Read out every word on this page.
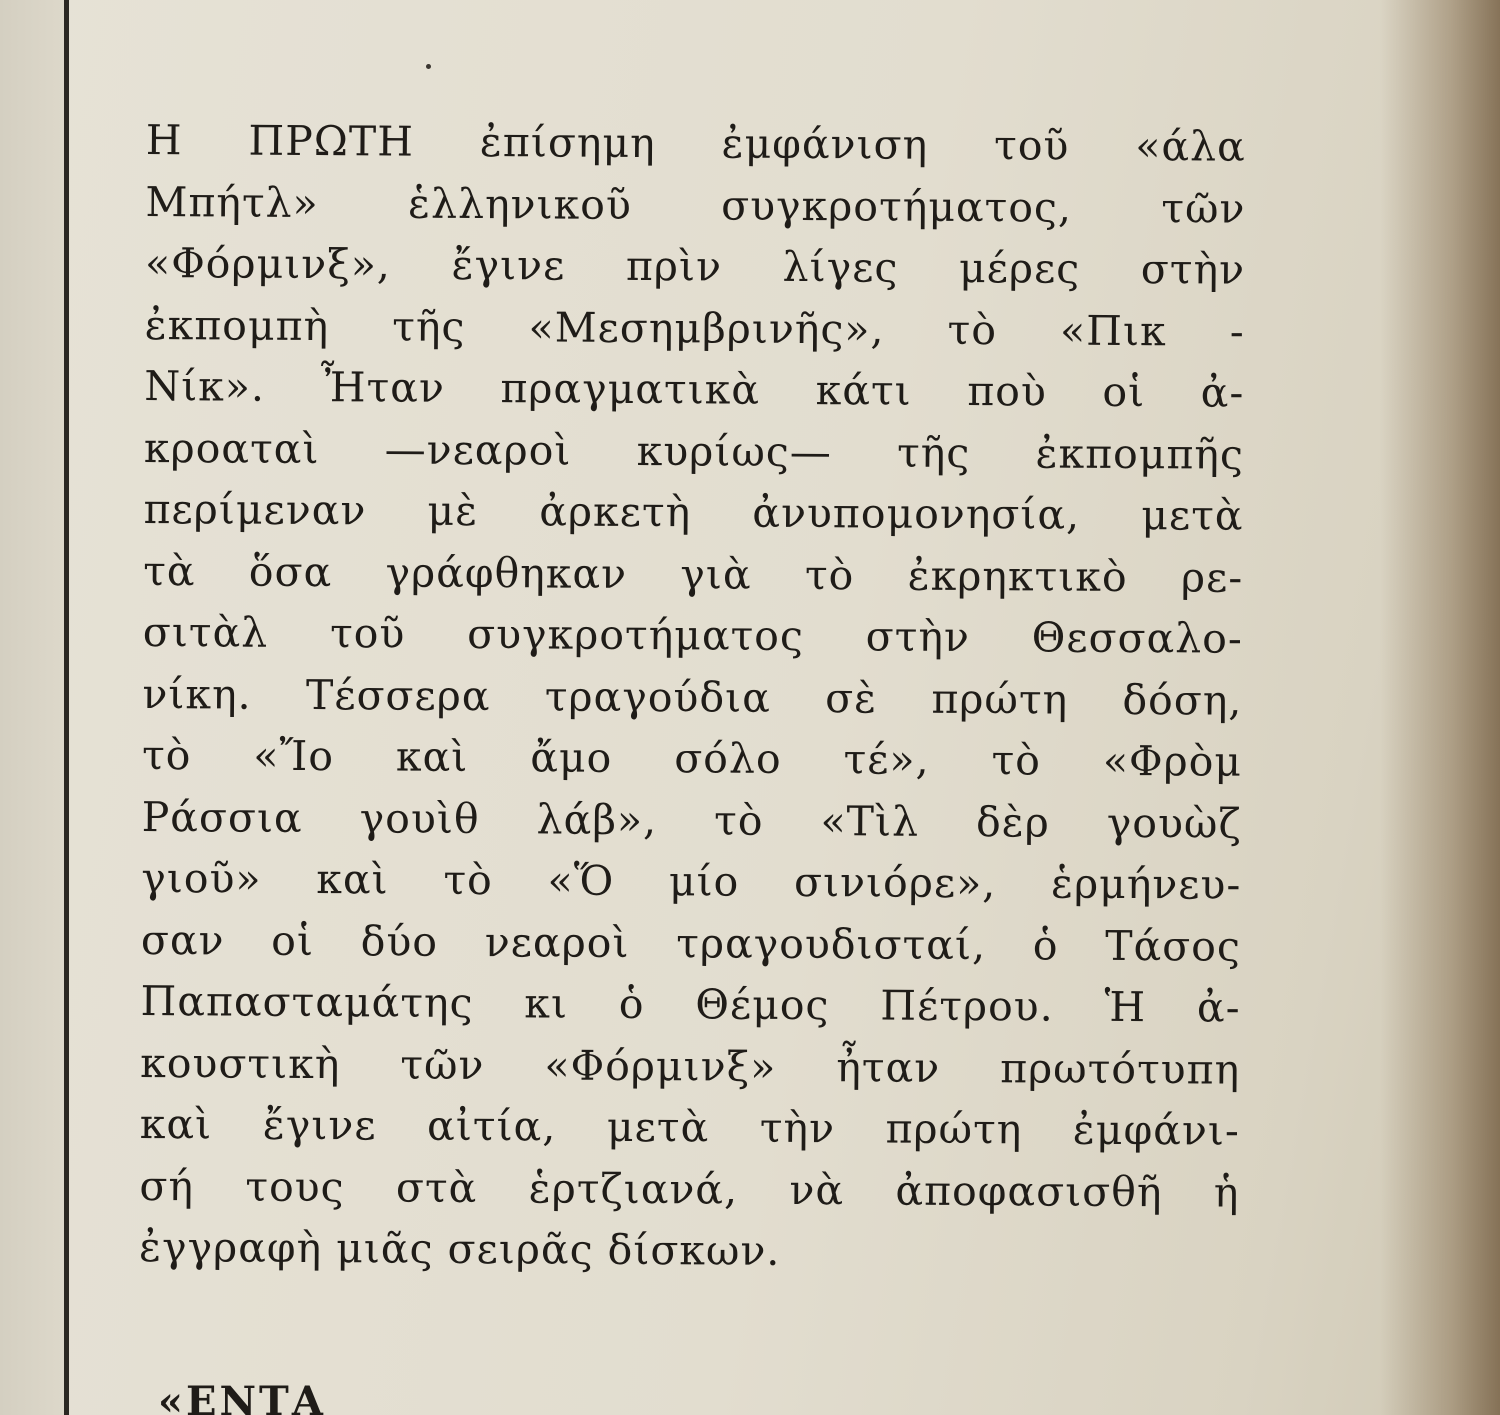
Η ΠΡΩΤΗ ἐπίσημη ἐμφάνιση τοῦ «άλα
Μπήτλ» ἑλληνικοῦ συγκροτήματος, τῶν
«Φόρμινξ», ἔγινε πρὶν λίγες μέρες στὴν
ἐκπομπὴ τῆς «Μεσημβρινῆς», τὸ «Πικ -
Νίκ». Ἦταν πραγματικὰ κάτι ποὺ οἱ ἀ-
κροαταὶ —νεαροὶ κυρίως— τῆς ἐκπομπῆς
περίμεναν μὲ ἀρκετὴ ἀνυπομονησία, μετὰ
τὰ ὅσα γράφθηκαν γιὰ τὸ ἐκρηκτικὸ ρε-
σιτὰλ τοῦ συγκροτήματος στὴν Θεσσαλο-
νίκη. Τέσσερα τραγούδια σὲ πρώτη δόση,
τὸ «Ἴο καὶ ἄμο σόλο τέ», τὸ «Φρὸμ
Ράσσια γουὶθ λάβ», τὸ «Τὶλ δὲρ γουὼζ
γιοῦ» καὶ τὸ «Ὅ μίο σινιόρε», ἑρμήνευ-
σαν οἱ δύο νεαροὶ τραγουδισταί, ὁ Τάσος
Παπασταμάτης κι ὁ Θέμος Πέτρου. Ἡ ἀ-
κουστικὴ τῶν «Φόρμινξ» ἦταν πρωτότυπη
καὶ ἔγινε αἰτία, μετὰ τὴν πρώτη ἐμφάνι-
σή τους στὰ ἑρτζιανά, νὰ ἀποφασισθῆ ἡ
ἐγγραφὴ μιᾶς σειρᾶς δίσκων.
«ΕΝΤΑ
